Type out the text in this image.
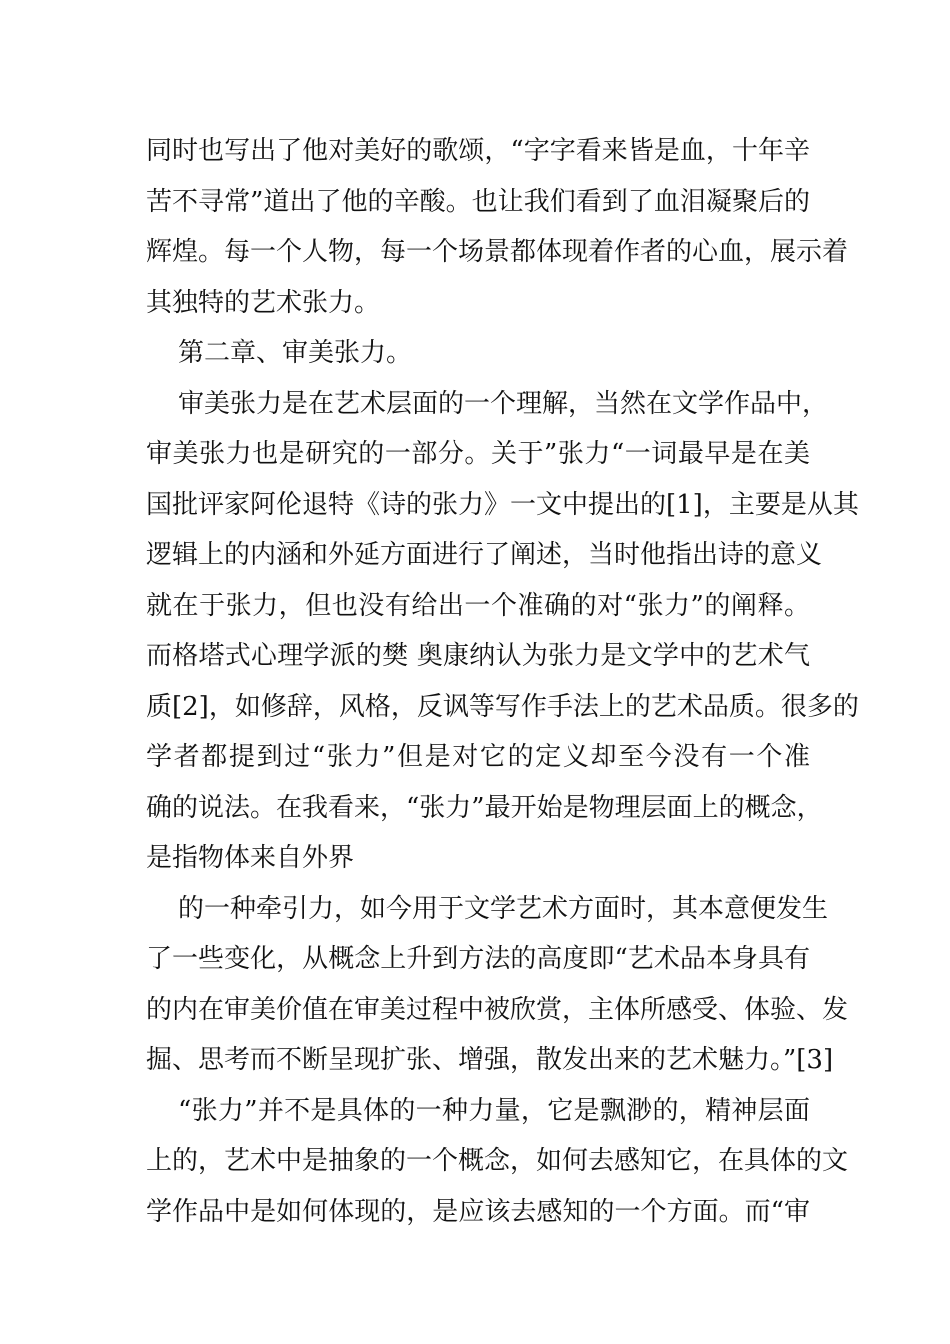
同时也写出了他对美好的歌颂，“字字看来皆是血，十年辛
苦不寻常”道出了他的辛酸。也让我们看到了血泪凝聚后的
辉煌。每一个人物，每一个场景都体现着作者的心血，展示着
其独特的艺术张力。
第二章、审美张力。
审美张力是在艺术层面的一个理解，当然在文学作品中，
审美张力也是研究的一部分。关于”张力“一词最早是在美
国批评家阿伦退特《诗的张力》一文中提出的[1]，主要是从其
逻辑上的内涵和外延方面进行了阐述，当时他指出诗的意义
就在于张力，但也没有给出一个准确的对“张力”的阐释。
而格塔式心理学派的樊 奥康纳认为张力是文学中的艺术气
质[2]，如修辞，风格，反讽等写作手法上的艺术品质。很多的
学者都提到过“张力”但是对它的定义却至今没有一个准
确的说法。在我看来，“张力”最开始是物理层面上的概念，
是指物体来自外界
的一种牵引力，如今用于文学艺术方面时，其本意便发生
了一些变化，从概念上升到方法的高度即“艺术品本身具有
的内在审美价值在审美过程中被欣赏，主体所感受、体验、发
掘、思考而不断呈现扩张、增强，散发出来的艺术魅力。”[3]
“张力”并不是具体的一种力量，它是飘渺的，精神层面
上的，艺术中是抽象的一个概念，如何去感知它，在具体的文
学作品中是如何体现的，是应该去感知的一个方面。而“审
